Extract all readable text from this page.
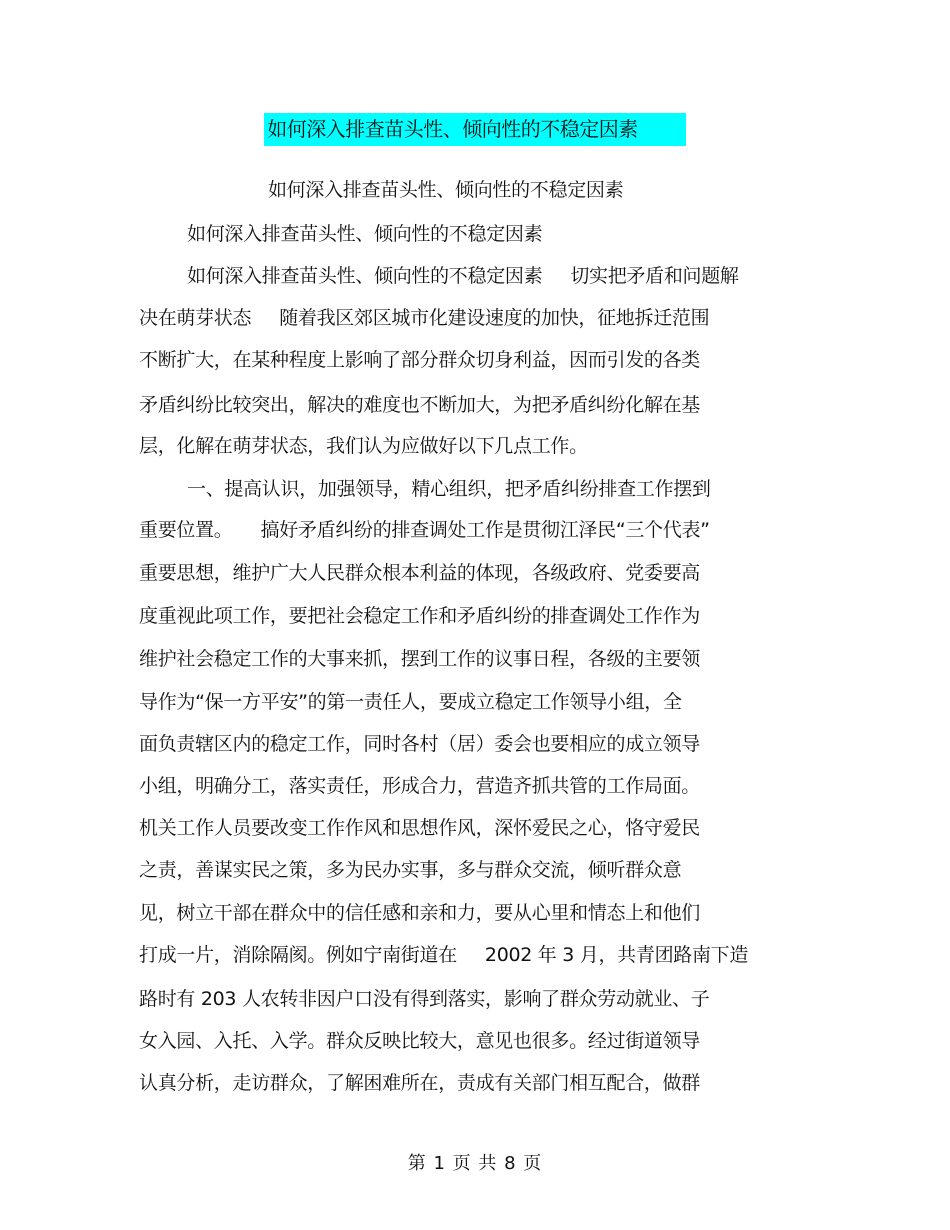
如何深入排查苗头性、倾向性的不稳定因素
如何深入排查苗头性、倾向性的不稳定因素
如何深入排查苗头性、倾向性的不稳定因素
如何深入排查苗头性、倾向性的不稳定因素 切实把矛盾和问题解
决在萌芽状态 随着我区郊区城市化建设速度的加快，征地拆迁范围
不断扩大，在某种程度上影响了部分群众切身利益，因而引发的各类
矛盾纠纷比较突出，解决的难度也不断加大，为把矛盾纠纷化解在基
层，化解在萌芽状态，我们认为应做好以下几点工作。
一、提高认识，加强领导，精心组织，把矛盾纠纷排查工作摆到
重要位置。 搞好矛盾纠纷的排查调处工作是贯彻江泽民“三个代表”
重要思想，维护广大人民群众根本利益的体现，各级政府、党委要高
度重视此项工作，要把社会稳定工作和矛盾纠纷的排查调处工作作为
维护社会稳定工作的大事来抓，摆到工作的议事日程，各级的主要领
导作为“保一方平安”的第一责任人，要成立稳定工作领导小组，全
面负责辖区内的稳定工作，同时各村（居）委会也要相应的成立领导
小组，明确分工，落实责任，形成合力，营造齐抓共管的工作局面。
机关工作人员要改变工作作风和思想作风，深怀爱民之心，恪守爱民
之责，善谋实民之策，多为民办实事，多与群众交流，倾听群众意
见，树立干部在群众中的信任感和亲和力，要从心里和情态上和他们
打成一片，消除隔阂。例如宁南街道在 2002 年 3 月，共青团路南下造
路时有 203 人农转非因户口没有得到落实，影响了群众劳动就业、子
女入园、入托、入学。群众反映比较大，意见也很多。经过街道领导
认真分析，走访群众，了解困难所在，责成有关部门相互配合，做群
第 1 页 共 8 页
